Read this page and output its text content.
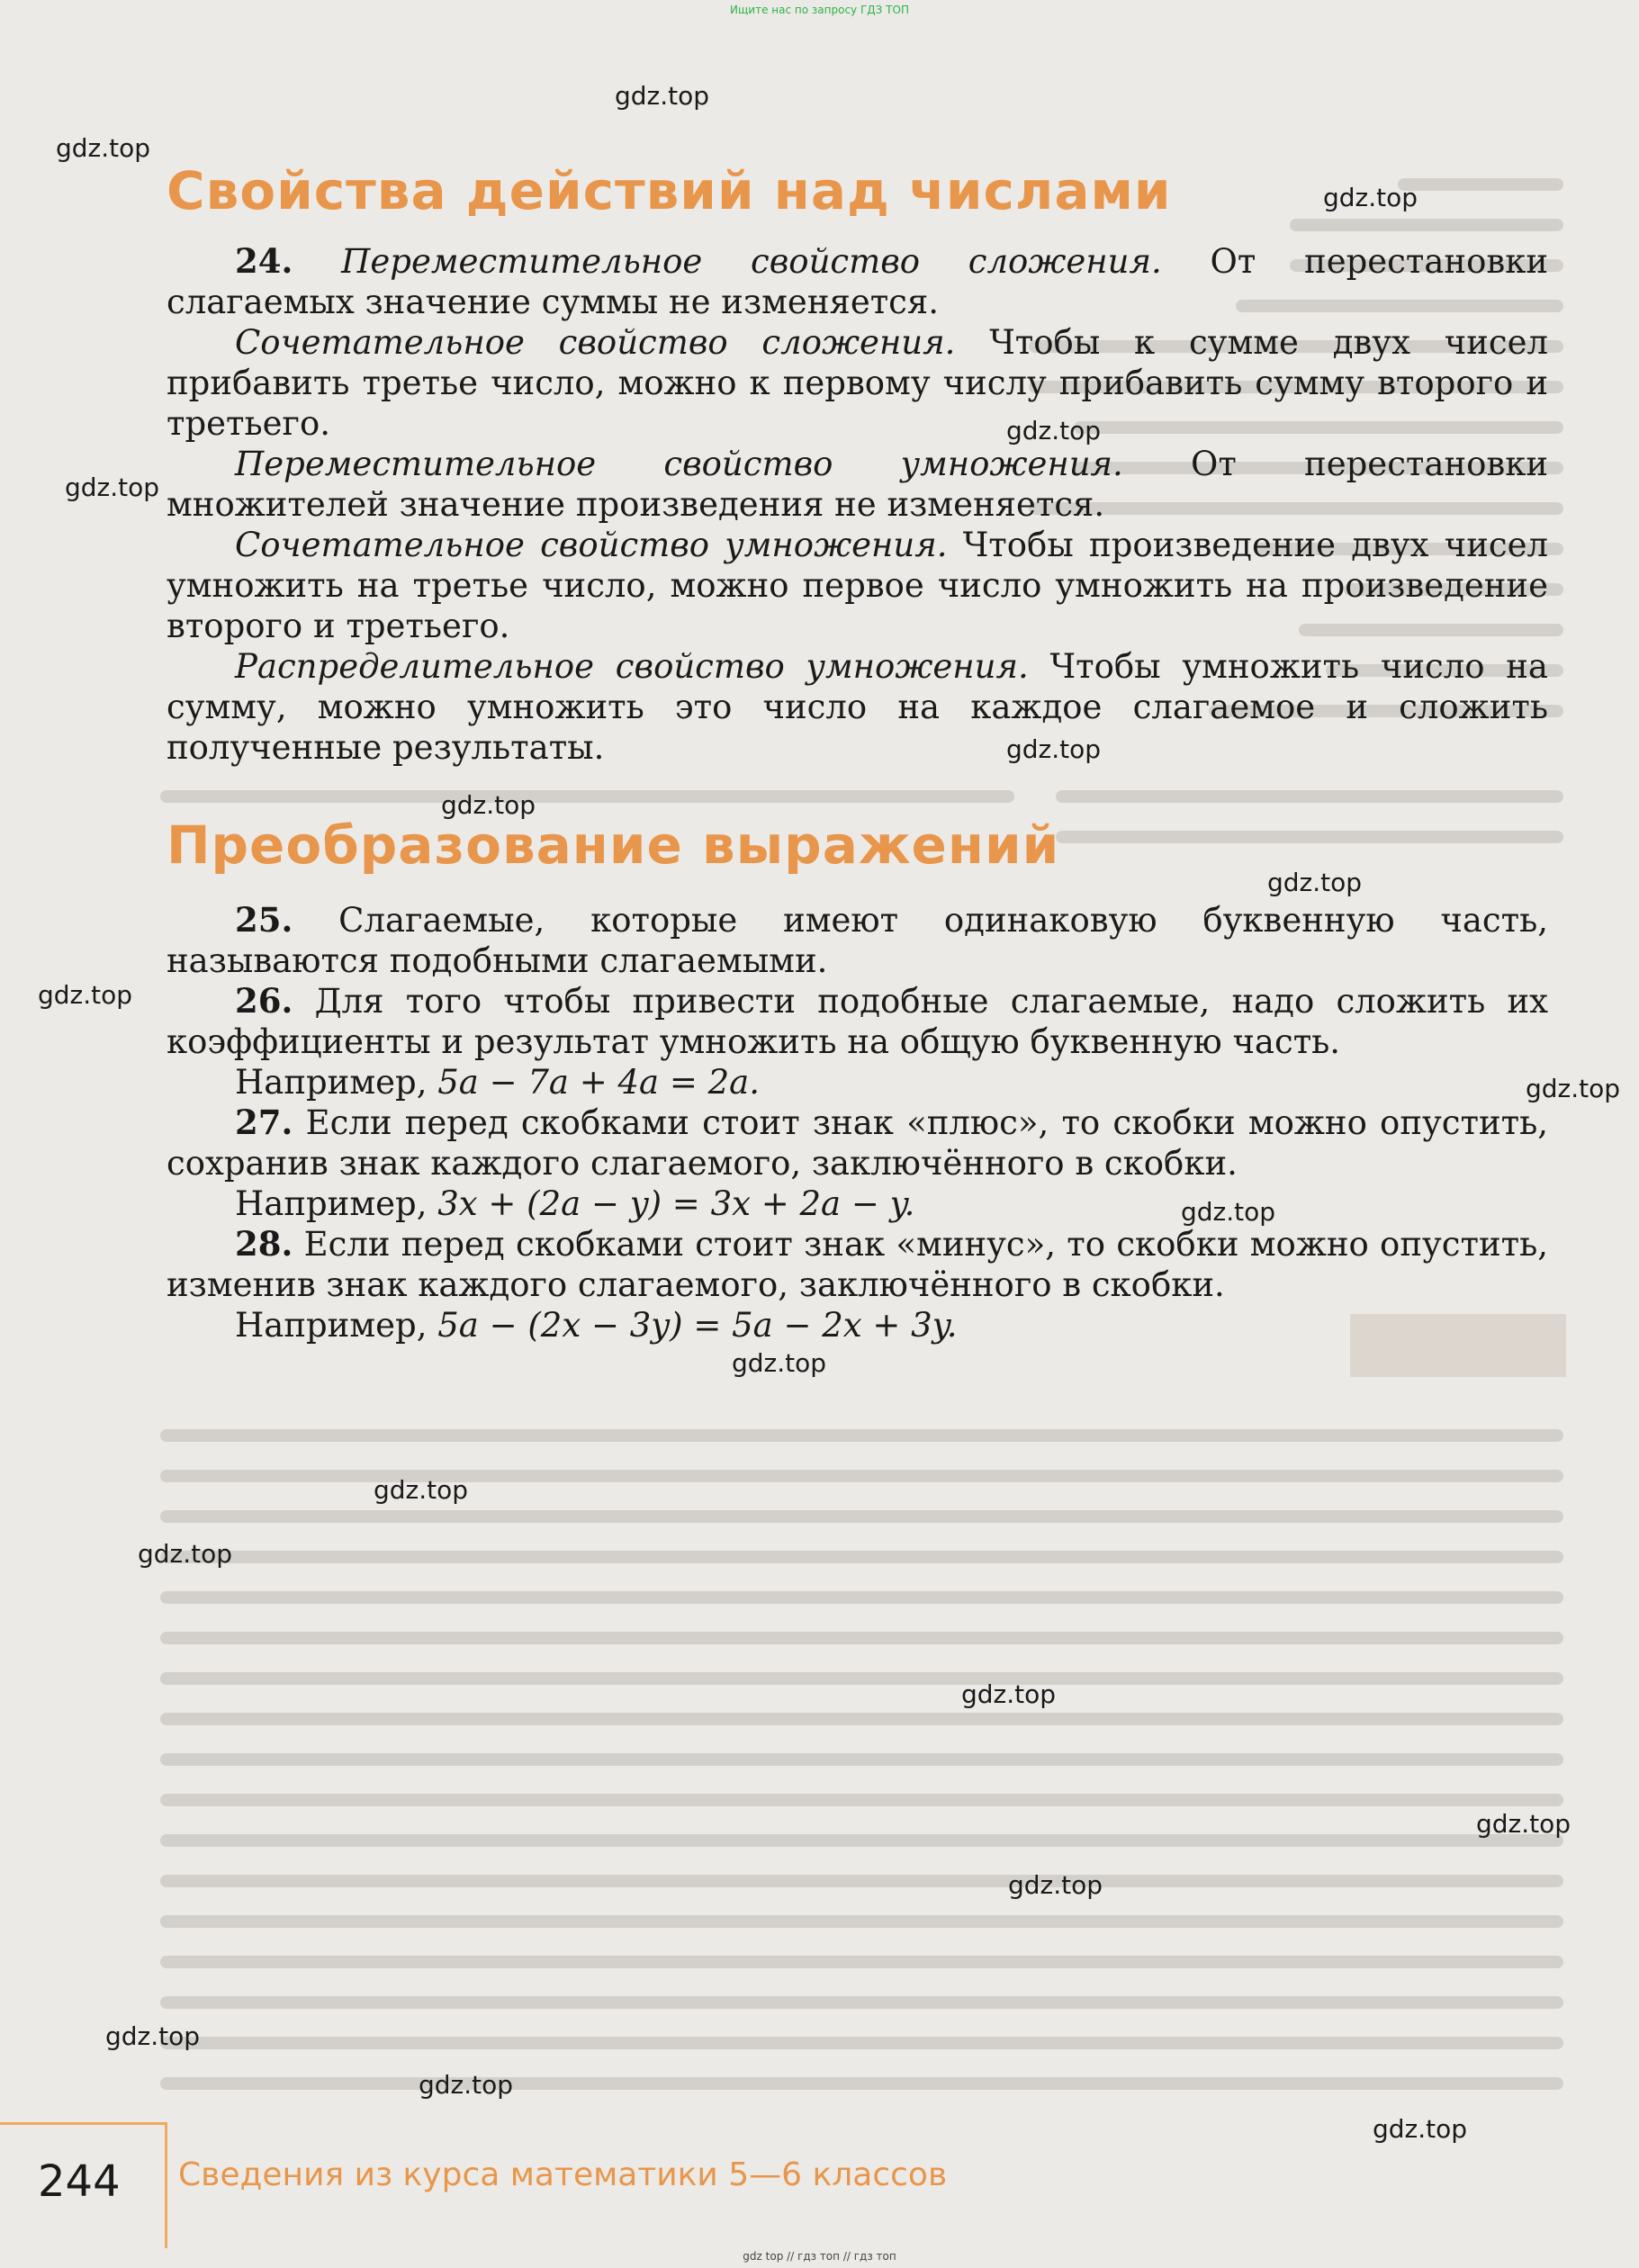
Ищите нас по запросу ГДЗ ТОП
gdz.top
gdz.top
gdz.top
gdz.top
gdz.top
gdz.top
gdz.top
gdz.top
gdz.top
gdz.top
gdz.top
gdz.top
gdz.top
gdz.top
gdz.top
gdz.top
gdz.top
gdz.top
gdz.top
gdz.top
Свойства действий над числами

24. Переместительное свойство сложения. От перестановки слагаемых значение суммы не изменяется.

Сочетательное свойство сложения. Чтобы к сумме двух чисел прибавить третье число, можно к первому числу прибавить сумму второго и третьего.

Переместительное свойство умножения. От перестановки множителей значение произведения не изменяется.

Сочетательное свойство умножения. Чтобы произведение двух чисел умножить на третье число, можно первое число умножить на произведение второго и третьего.

Распределительное свойство умножения. Чтобы умножить число на сумму, можно умножить это число на каждое слагаемое и сложить полученные результаты.

Преобразование выражений

25. Слагаемые, которые имеют одинаковую буквенную часть, называются подобными слагаемыми.

26. Для того чтобы привести подобные слагаемые, надо сложить их коэффициенты и результат умножить на общую буквенную часть.

Например, 5a − 7a + 4a = 2a.

27. Если перед скобками стоит знак «плюс», то скобки можно опустить, сохранив знак каждого слагаемого, заключённого в скобки.

Например, 3x + (2a − y) = 3x + 2a − y.

28. Если перед скобками стоит знак «минус», то скобки можно опустить, изменив знак каждого слагаемого, заключённого в скобки.

Например, 5a − (2x − 3y) = 5a − 2x + 3y.

244 Сведения из курса математики 5—6 классов
gdz top // гдз топ // гдз топ
